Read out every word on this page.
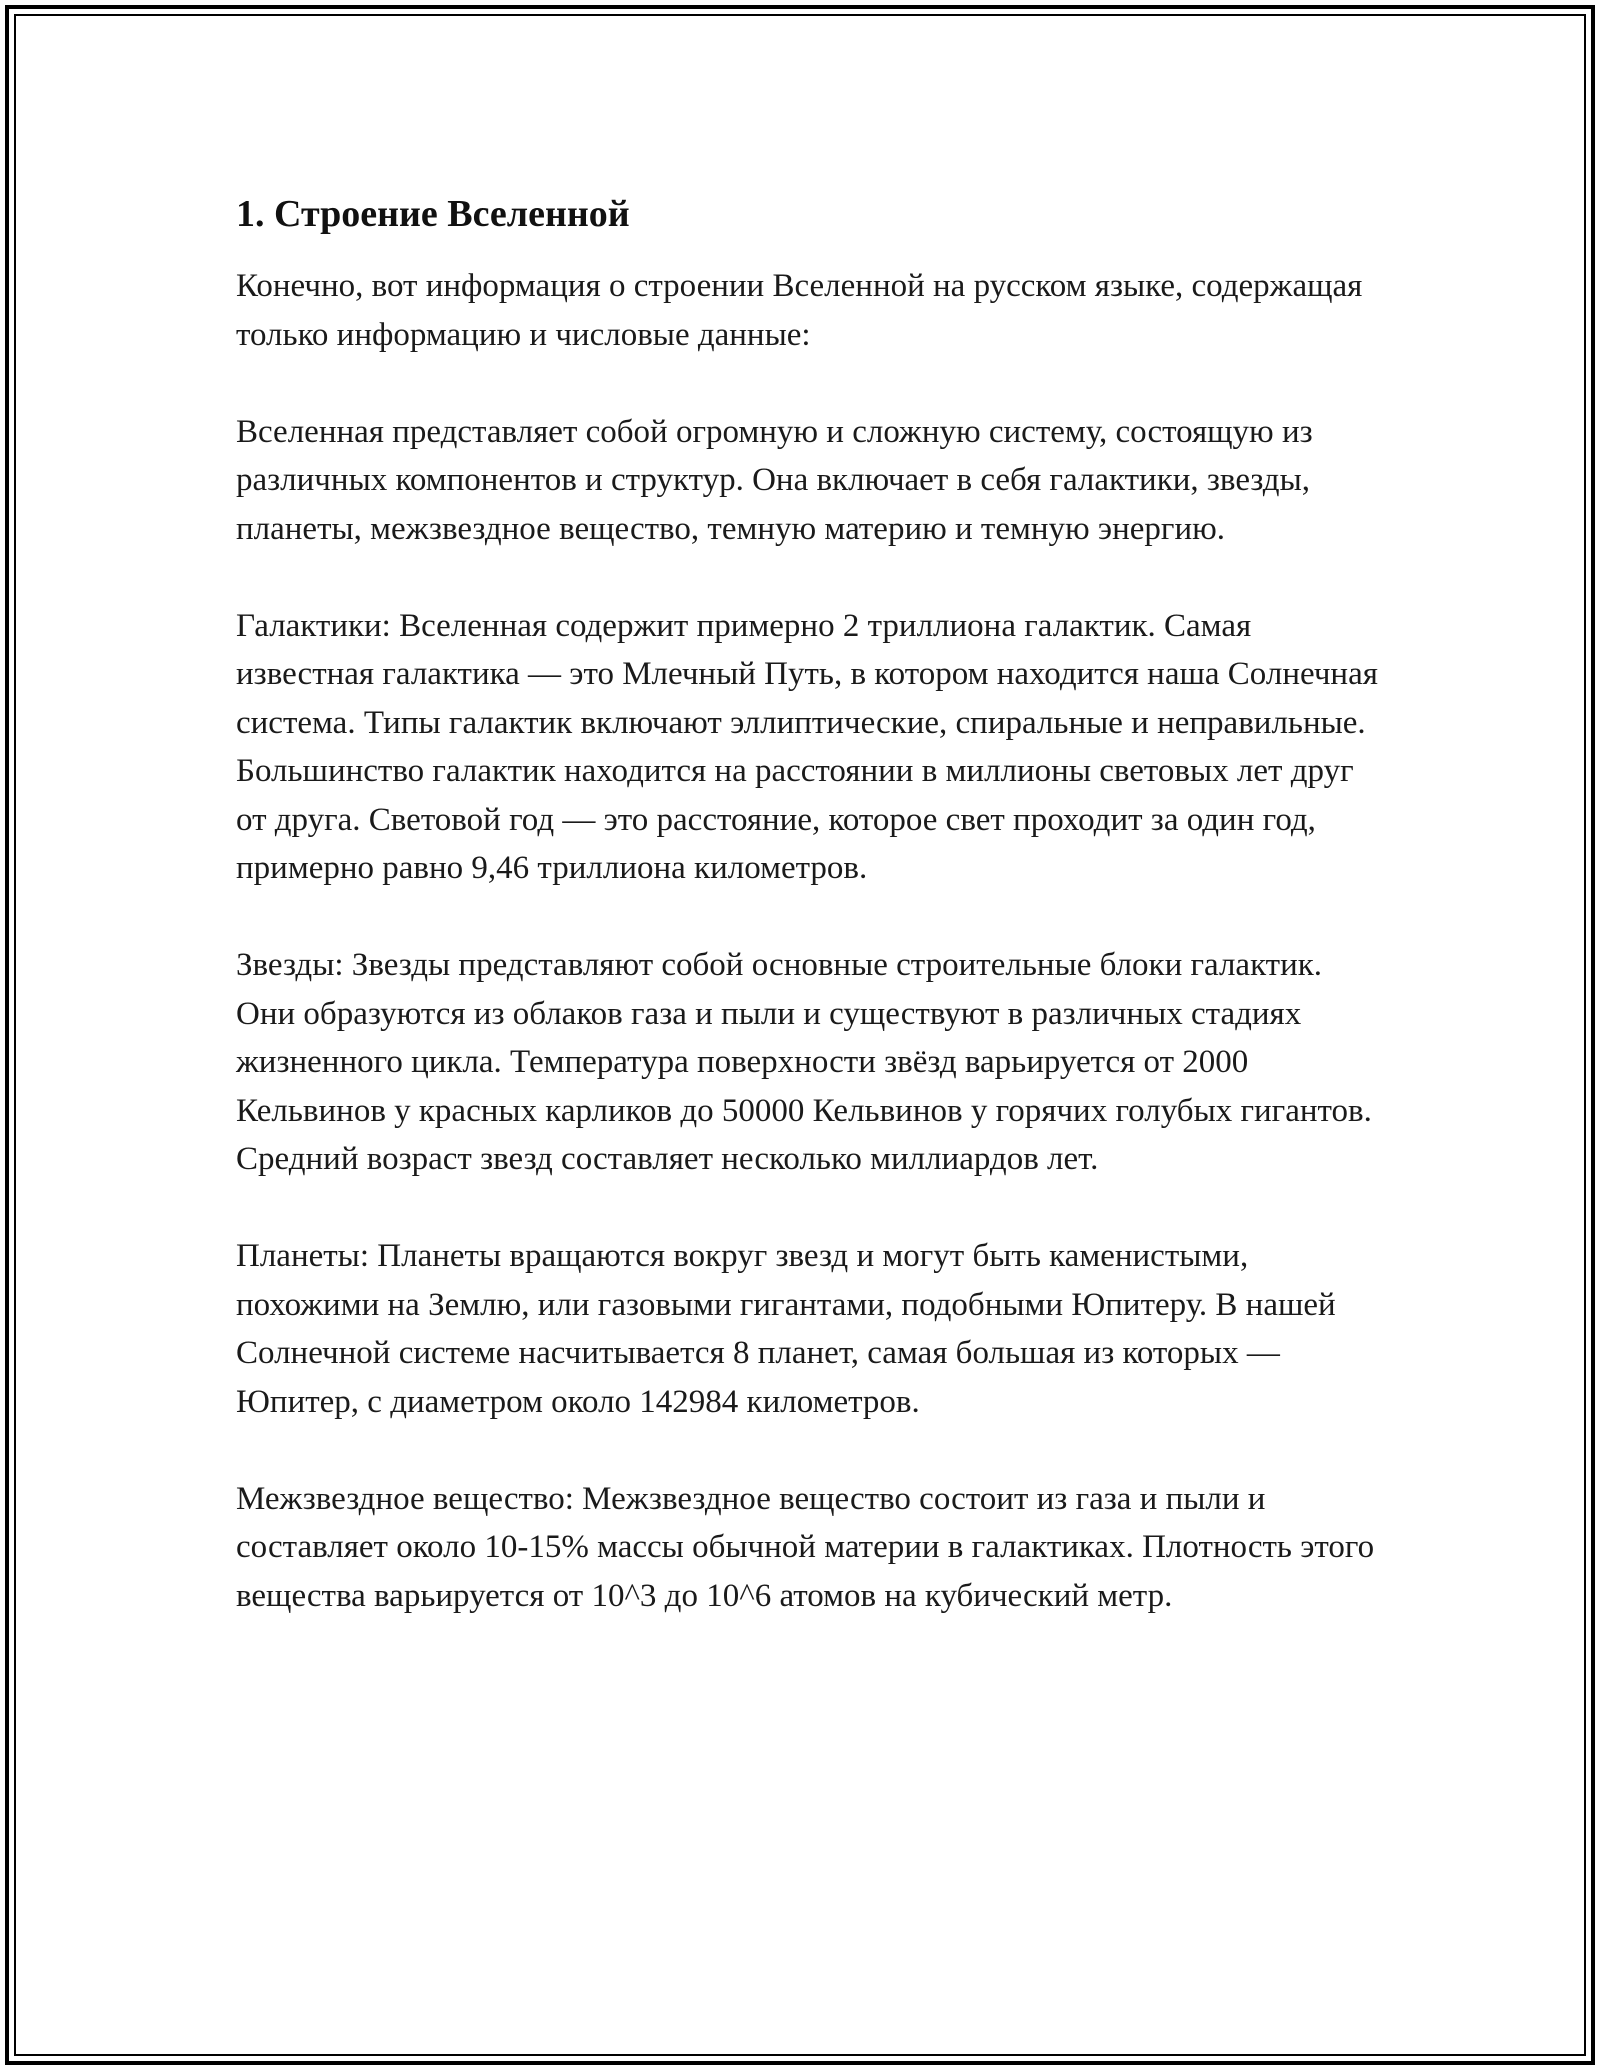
1. Строение Вселенной

Конечно, вот информация о строении Вселенной на русском языке, содержащая только информацию и числовые данные:

Вселенная представляет собой огромную и сложную систему, состоящую из различных компонентов и структур. Она включает в себя галактики, звезды, планеты, межзвездное вещество, темную материю и темную энергию.

Галактики: Вселенная содержит примерно 2 триллиона галактик. Самая известная галактика — это Млечный Путь, в котором находится наша Солнечная система. Типы галактик включают эллиптические, спиральные и неправильные. Большинство галактик находится на расстоянии в миллионы световых лет друг от друга. Световой год — это расстояние, которое свет проходит за один год, примерно равно 9,46 триллиона километров.

Звезды: Звезды представляют собой основные строительные блоки галактик. Они образуются из облаков газа и пыли и существуют в различных стадиях жизненного цикла. Температура поверхности звёзд варьируется от 2000 Кельвинов у красных карликов до 50000 Кельвинов у горячих голубых гигантов. Средний возраст звезд составляет несколько миллиардов лет.

Планеты: Планеты вращаются вокруг звезд и могут быть каменистыми, похожими на Землю, или газовыми гигантами, подобными Юпитеру. В нашей Солнечной системе насчитывается 8 планет, самая большая из которых — Юпитер, с диаметром около 142984 километров.

Межзвездное вещество: Межзвездное вещество состоит из газа и пыли и составляет около 10-15% массы обычной материи в галактиках. Плотность этого вещества варьируется от 10^3 до 10^6 атомов на кубический метр.
